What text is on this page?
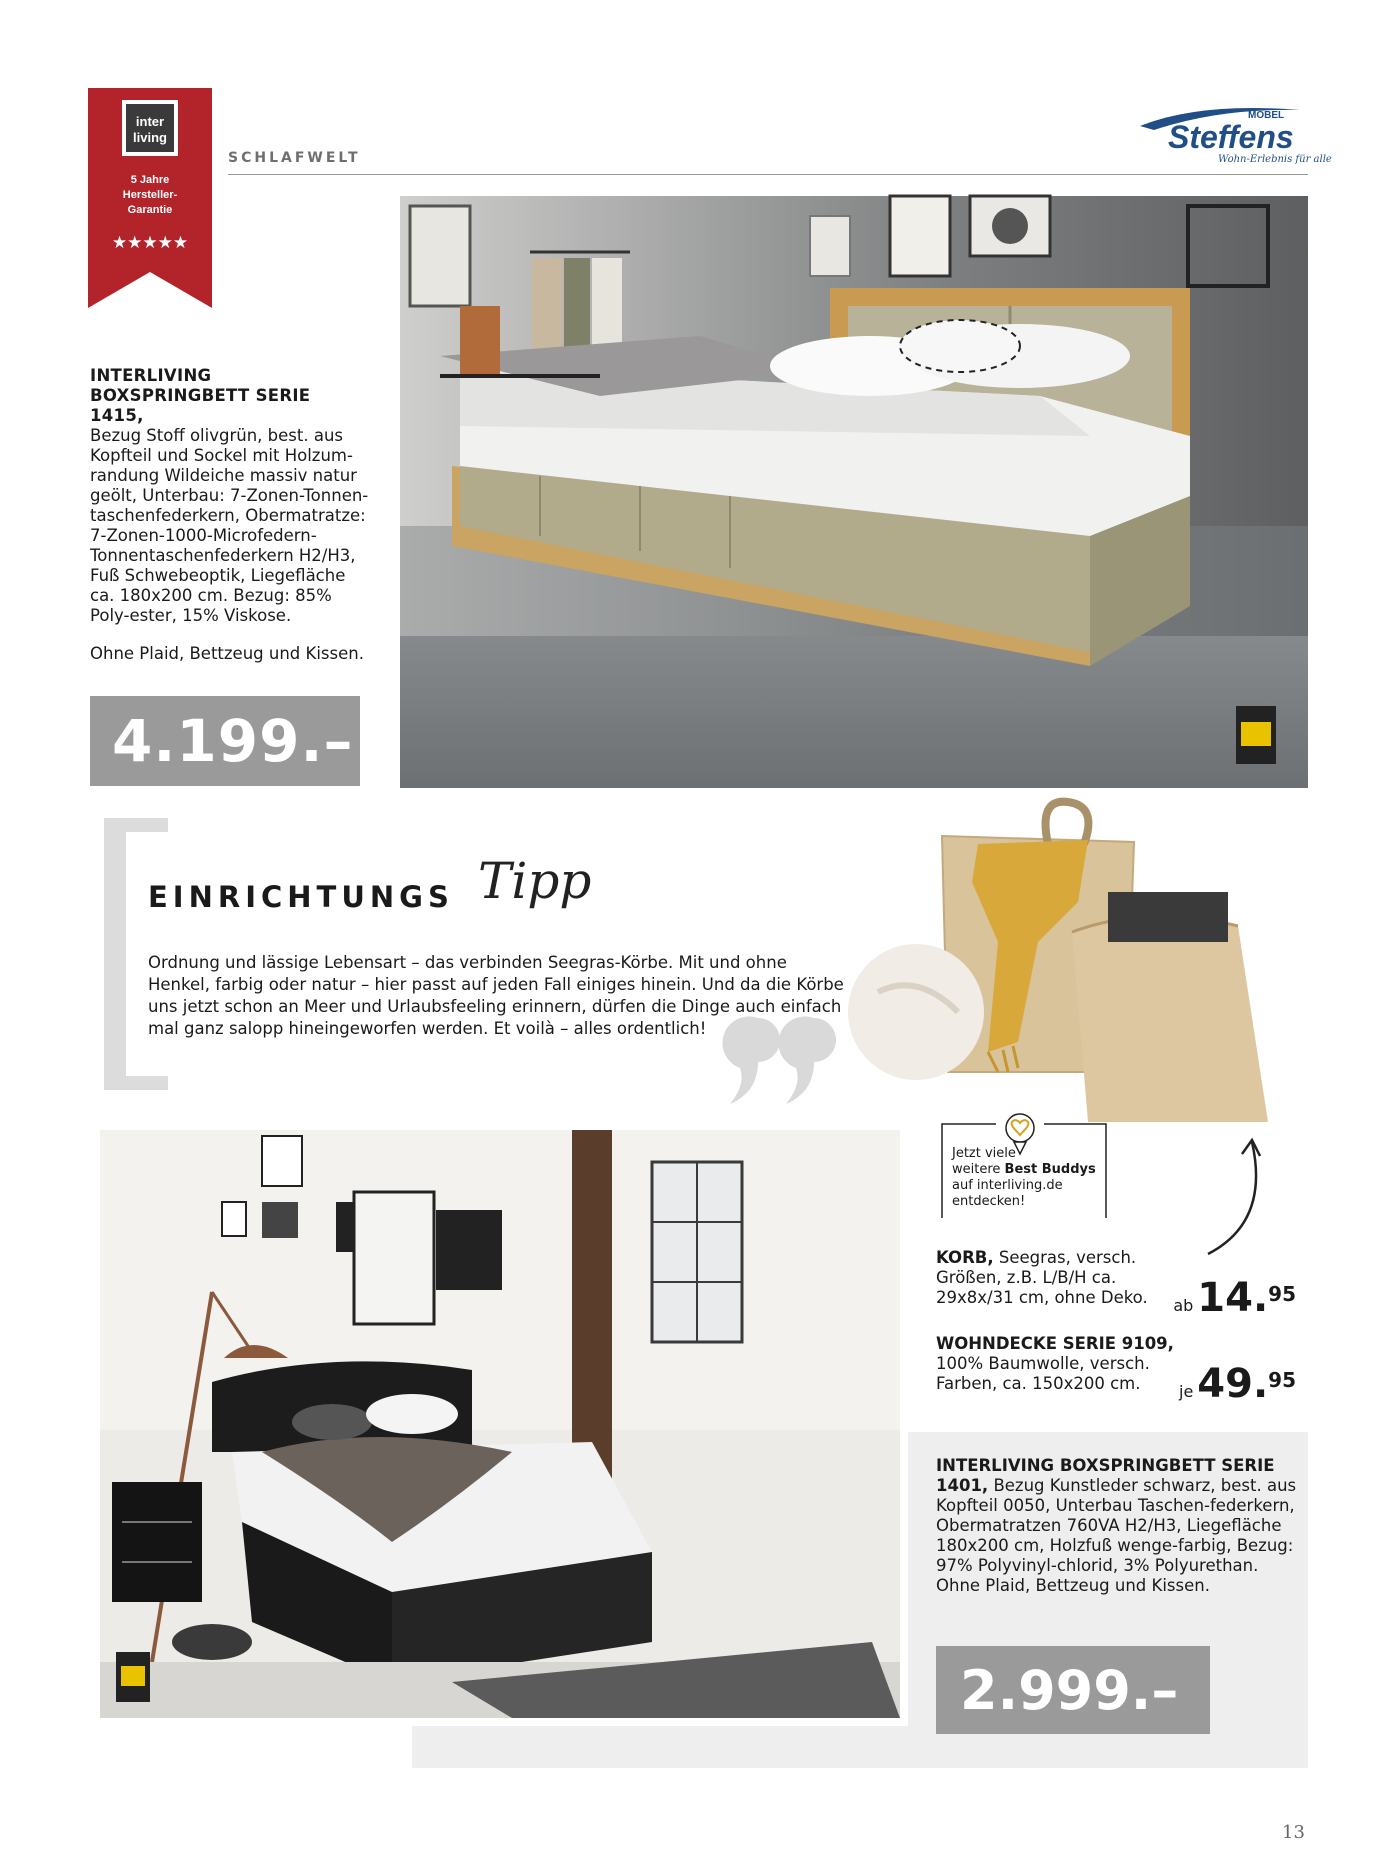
inter
living
5 Jahre
Hersteller-
Garantie
★★★★★
SCHLAFWELT
MÖBEL
Steffens
Wohn-Erlebnis für alle
INTERLIVING
BOXSPRINGBETT SERIE 1415,
Bezug Stoff olivgrün, best. aus Kopfteil und Sockel mit Holzum-randung Wildeiche massiv natur geölt, Unterbau: 7-Zonen-Tonnen-taschenfederkern, Obermatratze: 7-Zonen-1000-Microfedern-Tonnentaschenfederkern H2/H3, Fuß Schwebeoptik, Liegefläche ca. 180x200 cm. Bezug: 85% Poly-ester, 15% Viskose.
Ohne Plaid, Bettzeug und Kissen.
4.199.–
EINRICHTUNGS Tipp
Ordnung und lässige Lebensart – das verbinden Seegras-Körbe. Mit und ohne Henkel, farbig oder natur – hier passt auf jeden Fall einiges hinein. Und da die Körbe uns jetzt schon an Meer und Urlaubsfeeling erinnern, dürfen die Dinge auch einfach mal ganz salopp hineingeworfen werden. Et voilà – alles ordentlich!
Jetzt viele
weitere Best Buddys
auf interliving.de
entdecken!
KORB, Seegras, versch. Größen, z.B. L/B/H ca. 29x8x/31 cm, ohne Deko.	ab 14.95
WOHNDECKE SERIE 9109,
100% Baumwolle, versch. Farben, ca. 150x200 cm.	je 49.95
INTERLIVING BOXSPRINGBETT SERIE 1401, Bezug Kunstleder schwarz, best. aus Kopfteil 0050, Unterbau Taschen-federkern, Obermatratzen 760VA H2/H3, Liegefläche 180x200 cm, Holzfuß wenge-farbig, Bezug: 97% Polyvinyl-chlorid, 3% Polyurethan. Ohne Plaid, Bettzeug und Kissen.
2.999.–
13
